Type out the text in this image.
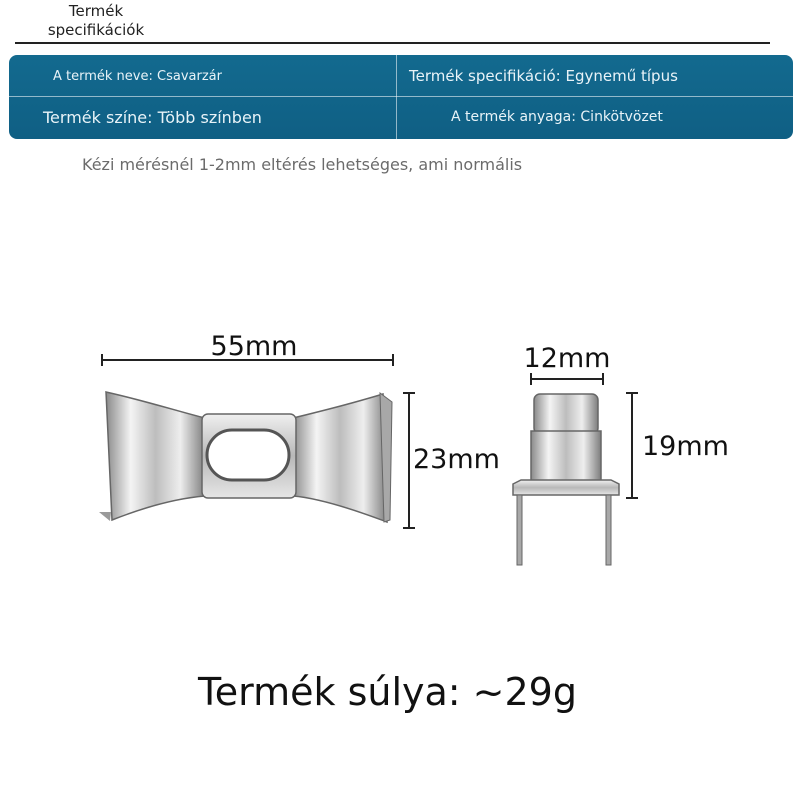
Termék specifikációk
A termék neve: Csavarzár	Termék specifikáció: Egynemű típus
Termék színe: Több színben	A termék anyaga: Cinkötvözet
Kézi mérésnél 1-2mm eltérés lehetséges, ami normális
55mm
23mm
12mm
19mm
Termék súlya: ~29g
